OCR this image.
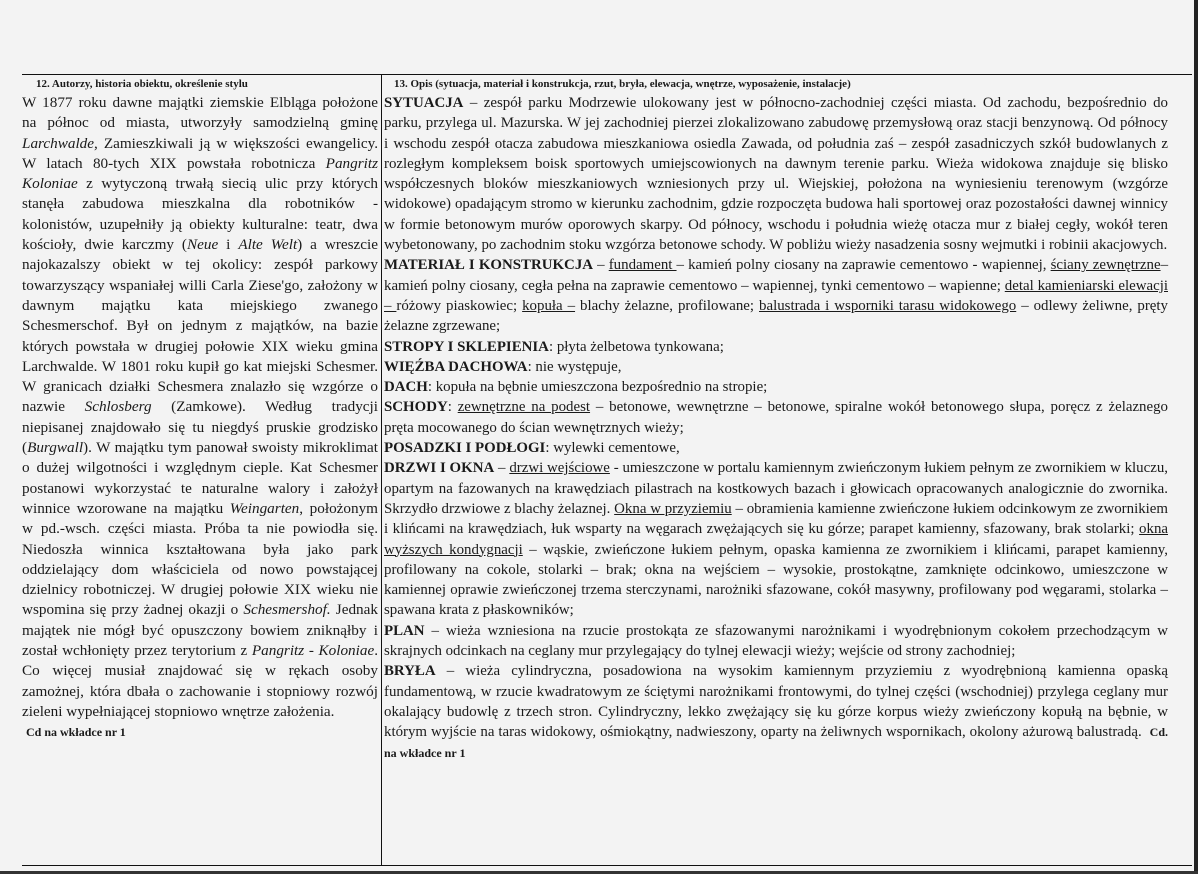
12. Autorzy, historia obiektu, określenie stylu
W 1877 roku dawne majątki ziemskie Elbląga położone na północ od miasta, utworzyły samodzielną gminę Larchwalde, Zamieszkiwali ją w większości ewangelicy. W latach 80-tych XIX powstała robotnicza Pangritz Koloniae z wytyczoną trwałą siecią ulic przy których stanęła zabudowa mieszkalna dla robotników - kolonistów, uzupełniły ją obiekty kulturalne: teatr, dwa kościoły, dwie karczmy (Neue i Alte Welt) a wreszcie najokazalszy obiekt w tej okolicy: zespół parkowy towarzyszący wspaniałej willi Carla Ziese'go, założony w dawnym majątku kata miejskiego zwanego Schesmerschof. Był on jednym z majątków, na bazie których powstała w drugiej połowie XIX wieku gmina Larchwalde. W 1801 roku kupił go kat miejski Schesmer. W granicach działki Schesmera znalazło się wzgórze o nazwie Schlosberg (Zamkowe). Według tradycji niepisanej znajdowało się tu niegdyś pruskie grodzisko (Burgwall). W majątku tym panował swoisty mikroklimat o dużej wilgotności i względnym cieple. Kat Schesmer postanowi wykorzystać te naturalne walory i założył winnice wzorowane na majątku Weingarten, położonym w pd.-wsch. części miasta. Próba ta nie powiodła się. Niedoszła winnica kształtowana była jako park oddzielający dom właściciela od nowo powstającej dzielnicy robotniczej. W drugiej połowie XIX wieku nie wspomina się przy żadnej okazji o Schesmershof. Jednak majątek nie mógł być opuszczony bowiem zniknąłby i został wchłonięty przez terytorium z Pangritz - Koloniae. Co więcej musiał znajdować się w rękach osoby zamożnej, która dbała o zachowanie i stopniowy rozwój zieleni wypełniającej stopniowo wnętrze założenia.
Cd na wkładce nr 1
13. Opis (sytuacja, materiał i konstrukcja, rzut, bryła, elewacja, wnętrze, wyposażenie, instalacje)

SYTUACJA – zespół parku Modrzewie ulokowany jest w północno-zachodniej części miasta. Od zachodu, bezpośrednio do parku, przylega ul. Mazurska. W jej zachodniej pierzei zlokalizowano zabudowę przemysłową oraz stacji benzynową. Od północy i wschodu zespół otacza zabudowa mieszkaniowa osiedla Zawada, od południa zaś – zespół zasadniczych szkół budowlanych z rozległym kompleksem boisk sportowych umiejscowionych na dawnym terenie parku. Wieża widokowa znajduje się blisko współczesnych bloków mieszkaniowych wzniesionych przy ul. Wiejskiej, położona na wyniesieniu terenowym (wzgórze widokowe) opadającym stromo w kierunku zachodnim, gdzie rozpoczęta budowa hali sportowej oraz pozostałości dawnej winnicy w formie betonowym murów oporowych skarpy. Od północy, wschodu i południa wieżę otacza mur z białej cegły, wokół teren wybetonowany, po zachodnim stoku wzgórza betonowe schody. W pobliżu wieży nasadzenia sosny wejmutki i robinii akacjowych.

MATERIAŁ I KONSTRUKCJA – fundament – kamień polny ciosany na zaprawie cementowo - wapiennej, ściany zewnętrzne– kamień polny ciosany, cegła pełna na zaprawie cementowo – wapiennej, tynki cementowo – wapienne; detal kamieniarski elewacji – różowy piaskowiec; kopuła – blachy żelazne, profilowane; balustrada i wsporniki tarasu widokowego – odlewy żeliwne, pręty żelazne zgrzewane;

STROPY I SKLEPIENIA: płyta żelbetowa tynkowana;

WIĘŹBA DACHOWA: nie występuje,

DACH: kopuła na bębnie umieszczona bezpośrednio na stropie;

SCHODY: zewnętrzne na podest – betonowe, wewnętrzne – betonowe, spiralne wokół betonowego słupa, poręcz z żelaznego pręta mocowanego do ścian wewnętrznych wieży;

POSADZKI I PODŁOGI: wylewki cementowe,

DRZWI I OKNA – drzwi wejściowe - umieszczone w portalu kamiennym zwieńczonym łukiem pełnym ze zwornikiem w kluczu, opartym na fazowanych na krawędziach pilastrach na kostkowych bazach i głowicach opracowanych analogicznie do zwornika. Skrzydło drzwiowe z blachy żelaznej. Okna w przyziemiu – obramienia kamienne zwieńczone łukiem odcinkowym ze zwornikiem i klińcami na krawędziach, łuk wsparty na węgarach zwężających się ku górze; parapet kamienny, sfazowany, brak stolarki; okna wyższych kondygnacji – wąskie, zwieńczone łukiem pełnym, opaska kamienna ze zwornikiem i klińcami, parapet kamienny, profilowany na cokole, stolarki – brak; okna na wejściem – wysokie, prostokątne, zamknięte odcinkowo, umieszczone w kamiennej oprawie zwieńczonej trzema sterczynami, narożniki sfazowane, cokół masywny, profilowany pod węgarami, stolarka – spawana krata z płaskowników;

PLAN – wieża wzniesiona na rzucie prostokąta ze sfazowanymi narożnikami i wyodrębnionym cokołem przechodzącym w skrajnych odcinkach na ceglany mur przylegający do tylnej elewacji wieży; wejście od strony zachodniej;

BRYŁA – wieża cylindryczna, posadowiona na wysokim kamiennym przyziemiu z wyodrębnioną kamienna opaską fundamentową, w rzucie kwadratowym ze ściętymi narożnikami frontowymi, do tylnej części (wschodniej) przylega ceglany mur okalający budowlę z trzech stron. Cylindryczny, lekko zwężający się ku górze korpus wieży zwieńczony kopułą na bębnie, w którym wyjście na taras widokowy, ośmiokątny, nadwieszony, oparty na żeliwnych wspornikach, okolony ażurową balustradą. Cd. na wkładce nr 1
